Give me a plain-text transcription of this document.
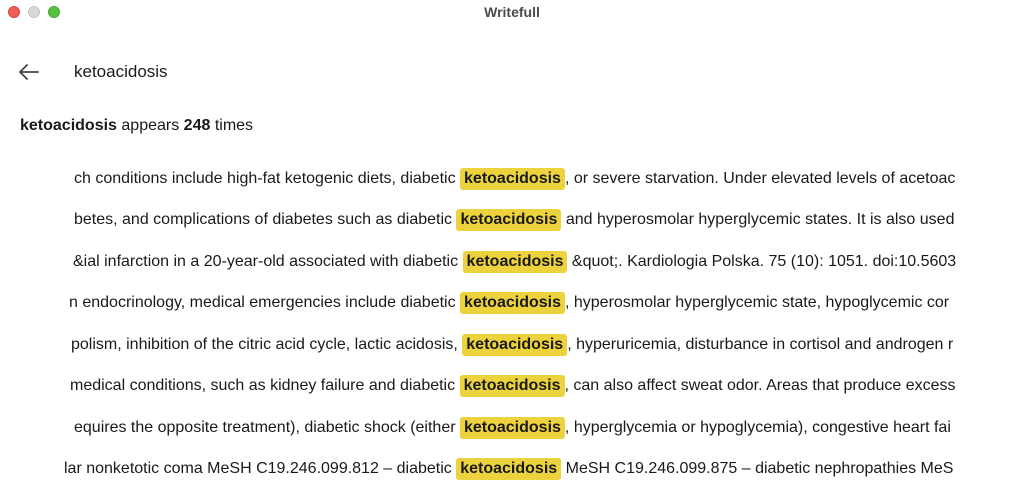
Writefull
ketoacidosis
ketoacidosis appears 248 times
ch conditions include high-fat ketogenic diets, diabetic ketoacidosis , or severe starvation. Under elevated levels of acetoac
betes, and complications of diabetes such as diabetic ketoacidosis and hyperosmolar hyperglycemic states. It is also used
&ial infarction in a 20-year-old associated with diabetic ketoacidosis &quot;. Kardiologia Polska. 75 (10): 1051. doi:10.5603
n endocrinology, medical emergencies include diabetic ketoacidosis , hyperosmolar hyperglycemic state, hypoglycemic cor
polism, inhibition of the citric acid cycle, lactic acidosis, ketoacidosis , hyperuricemia, disturbance in cortisol and androgen r
medical conditions, such as kidney failure and diabetic ketoacidosis , can also affect sweat odor. Areas that produce excess
equires the opposite treatment), diabetic shock (either ketoacidosis , hyperglycemia or hypoglycemia), congestive heart fai
lar nonketotic coma MeSH C19.246.099.812 – diabetic ketoacidosis MeSH C19.246.099.875 – diabetic nephropathies MeS
